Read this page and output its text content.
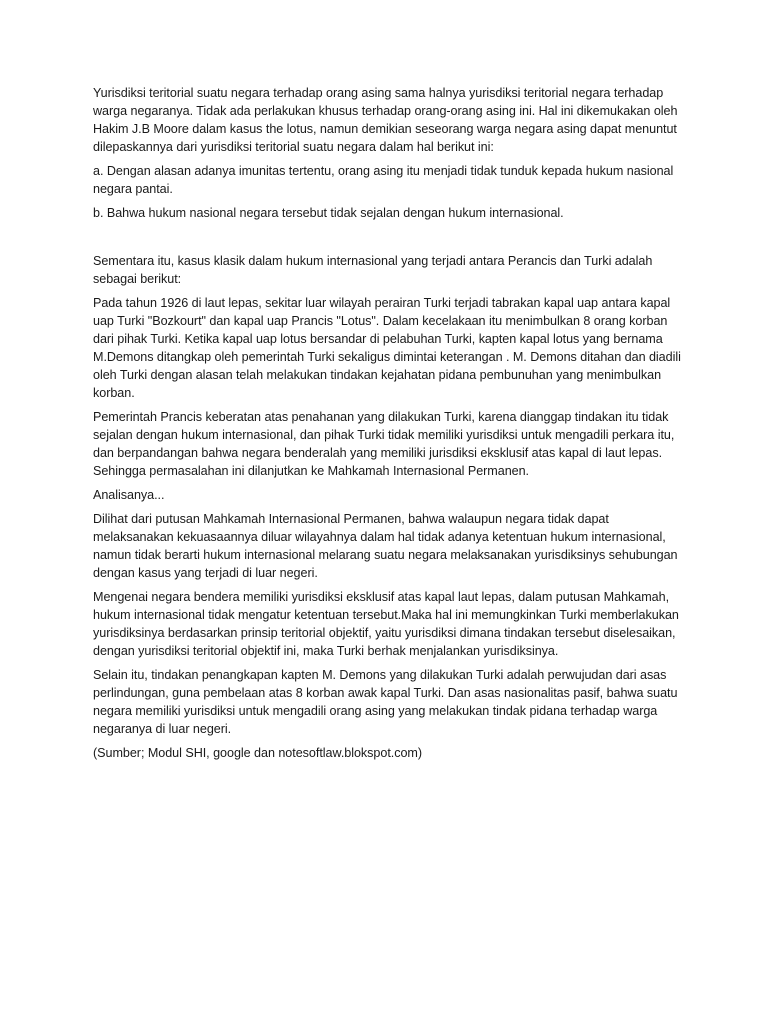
Yurisdiksi teritorial suatu negara terhadap orang asing sama halnya yurisdiksi teritorial negara terhadap warga negaranya. Tidak ada perlakukan khusus terhadap orang-orang asing ini. Hal ini dikemukakan oleh Hakim J.B Moore dalam kasus the lotus, namun demikian seseorang warga negara asing dapat menuntut dilepaskannya dari yurisdiksi teritorial suatu negara dalam hal berikut ini:

a. Dengan alasan adanya imunitas tertentu, orang asing itu menjadi tidak tunduk kepada hukum nasional negara pantai.

b. Bahwa hukum nasional negara tersebut tidak sejalan dengan hukum internasional.

Sementara itu, kasus klasik dalam hukum internasional yang terjadi antara Perancis dan Turki adalah sebagai berikut:

Pada tahun 1926 di laut lepas, sekitar luar wilayah perairan Turki terjadi tabrakan kapal uap antara kapal uap Turki "Bozkourt" dan kapal uap Prancis "Lotus". Dalam kecelakaan itu menimbulkan 8 orang korban dari pihak Turki. Ketika kapal uap lotus bersandar di pelabuhan Turki, kapten kapal lotus yang bernama M.Demons ditangkap oleh pemerintah Turki sekaligus dimintai keterangan . M. Demons ditahan dan diadili oleh Turki dengan alasan telah melakukan tindakan kejahatan pidana pembunuhan yang menimbulkan korban.

Pemerintah Prancis keberatan atas penahanan yang dilakukan Turki, karena dianggap tindakan itu tidak sejalan dengan hukum internasional, dan pihak Turki tidak memiliki yurisdiksi untuk mengadili perkara itu, dan berpandangan bahwa negara benderalah yang memiliki jurisdiksi eksklusif atas kapal di laut lepas. Sehingga permasalahan ini dilanjutkan ke Mahkamah Internasional Permanen.

Analisanya...

Dilihat dari putusan Mahkamah Internasional Permanen, bahwa walaupun negara tidak dapat melaksanakan kekuasaannya diluar wilayahnya dalam hal tidak adanya ketentuan hukum internasional, namun tidak berarti hukum internasional melarang suatu negara melaksanakan yurisdiksinys sehubungan dengan kasus yang terjadi di luar negeri.

Mengenai negara bendera memiliki yurisdiksi eksklusif atas kapal laut lepas, dalam putusan Mahkamah, hukum internasional tidak mengatur ketentuan tersebut.Maka hal ini memungkinkan Turki memberlakukan yurisdiksinya berdasarkan prinsip teritorial objektif, yaitu yurisdiksi dimana tindakan tersebut diselesaikan, dengan yurisdiksi teritorial objektif ini, maka Turki berhak menjalankan yurisdiksinya.

Selain itu, tindakan penangkapan kapten M. Demons yang dilakukan Turki adalah perwujudan dari asas perlindungan, guna pembelaan atas 8 korban awak kapal Turki. Dan asas nasionalitas pasif, bahwa suatu negara memiliki yurisdiksi untuk mengadili orang asing yang melakukan tindak pidana terhadap warga negaranya di luar negeri.

(Sumber; Modul SHI, google dan notesoftlaw.blokspot.com)
